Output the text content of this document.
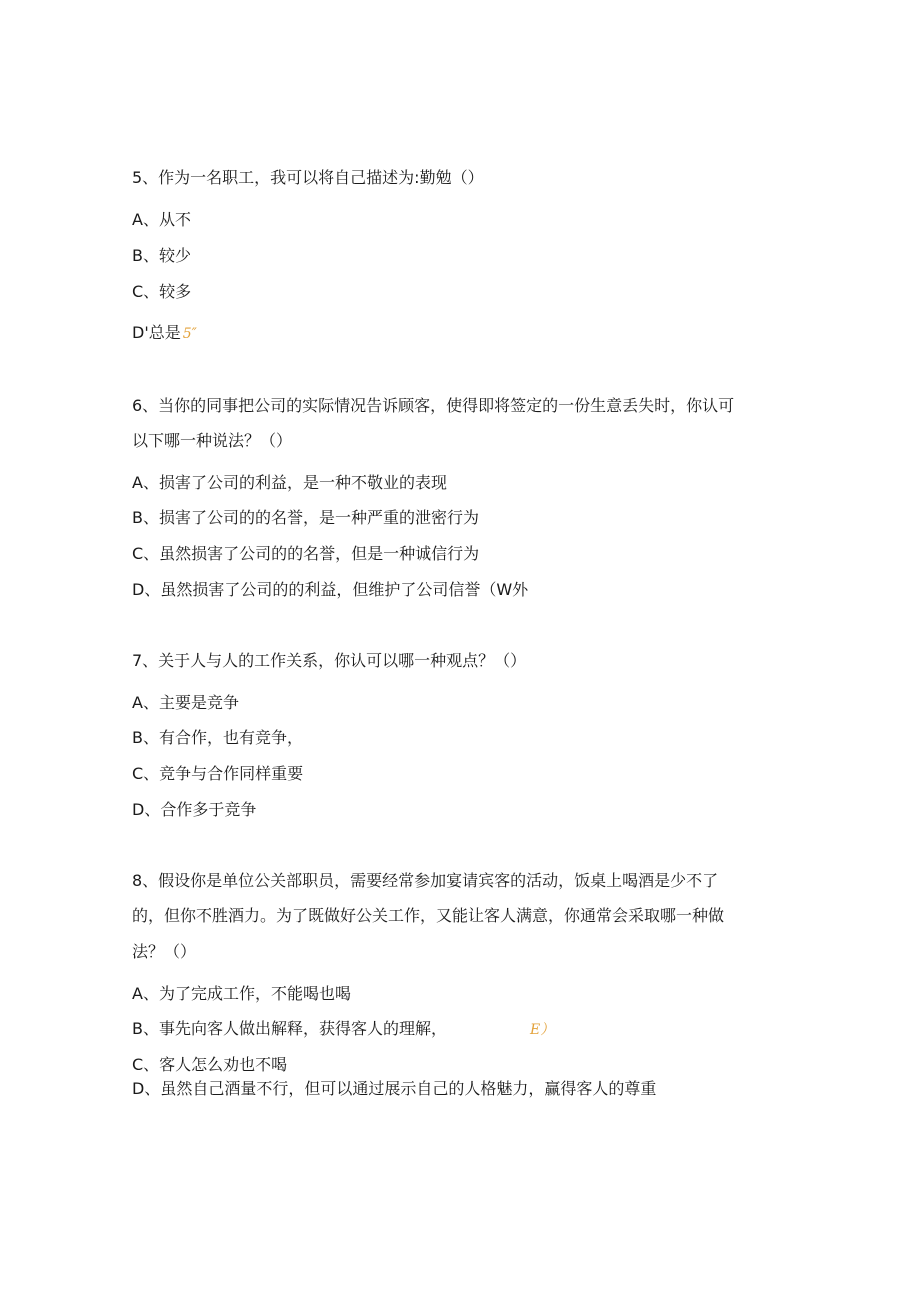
5、作为一名职工，我可以将自己描述为:勤勉（）

A、从不

B、较少

C、较多

D'总是 5″

6、当你的同事把公司的实际情况告诉顾客，使得即将签定的一份生意丢失时，你认可

以下哪一种说法？（）

A、损害了公司的利益，是一种不敬业的表现

B、损害了公司的的名誉，是一种严重的泄密行为

C、虽然损害了公司的的名誉，但是一种诚信行为

D、虽然损害了公司的的利益，但维护了公司信誉（W外

7、关于人与人的工作关系，你认可以哪一种观点？（）

A、主要是竞争

B、有合作，也有竞争，

C、竞争与合作同样重要

D、合作多于竞争

8、假设你是单位公关部职员，需要经常参加宴请宾客的活动，饭桌上喝酒是少不了

的，但你不胜酒力。为了既做好公关工作，又能让客人满意，你通常会采取哪一种做

法？（）

A、为了完成工作，不能喝也喝

B、事先向客人做出解释，获得客人的理解，	E）

C、客人怎么劝也不喝

D、虽然自己酒量不行，但可以通过展示自己的人格魅力，赢得客人的尊重
